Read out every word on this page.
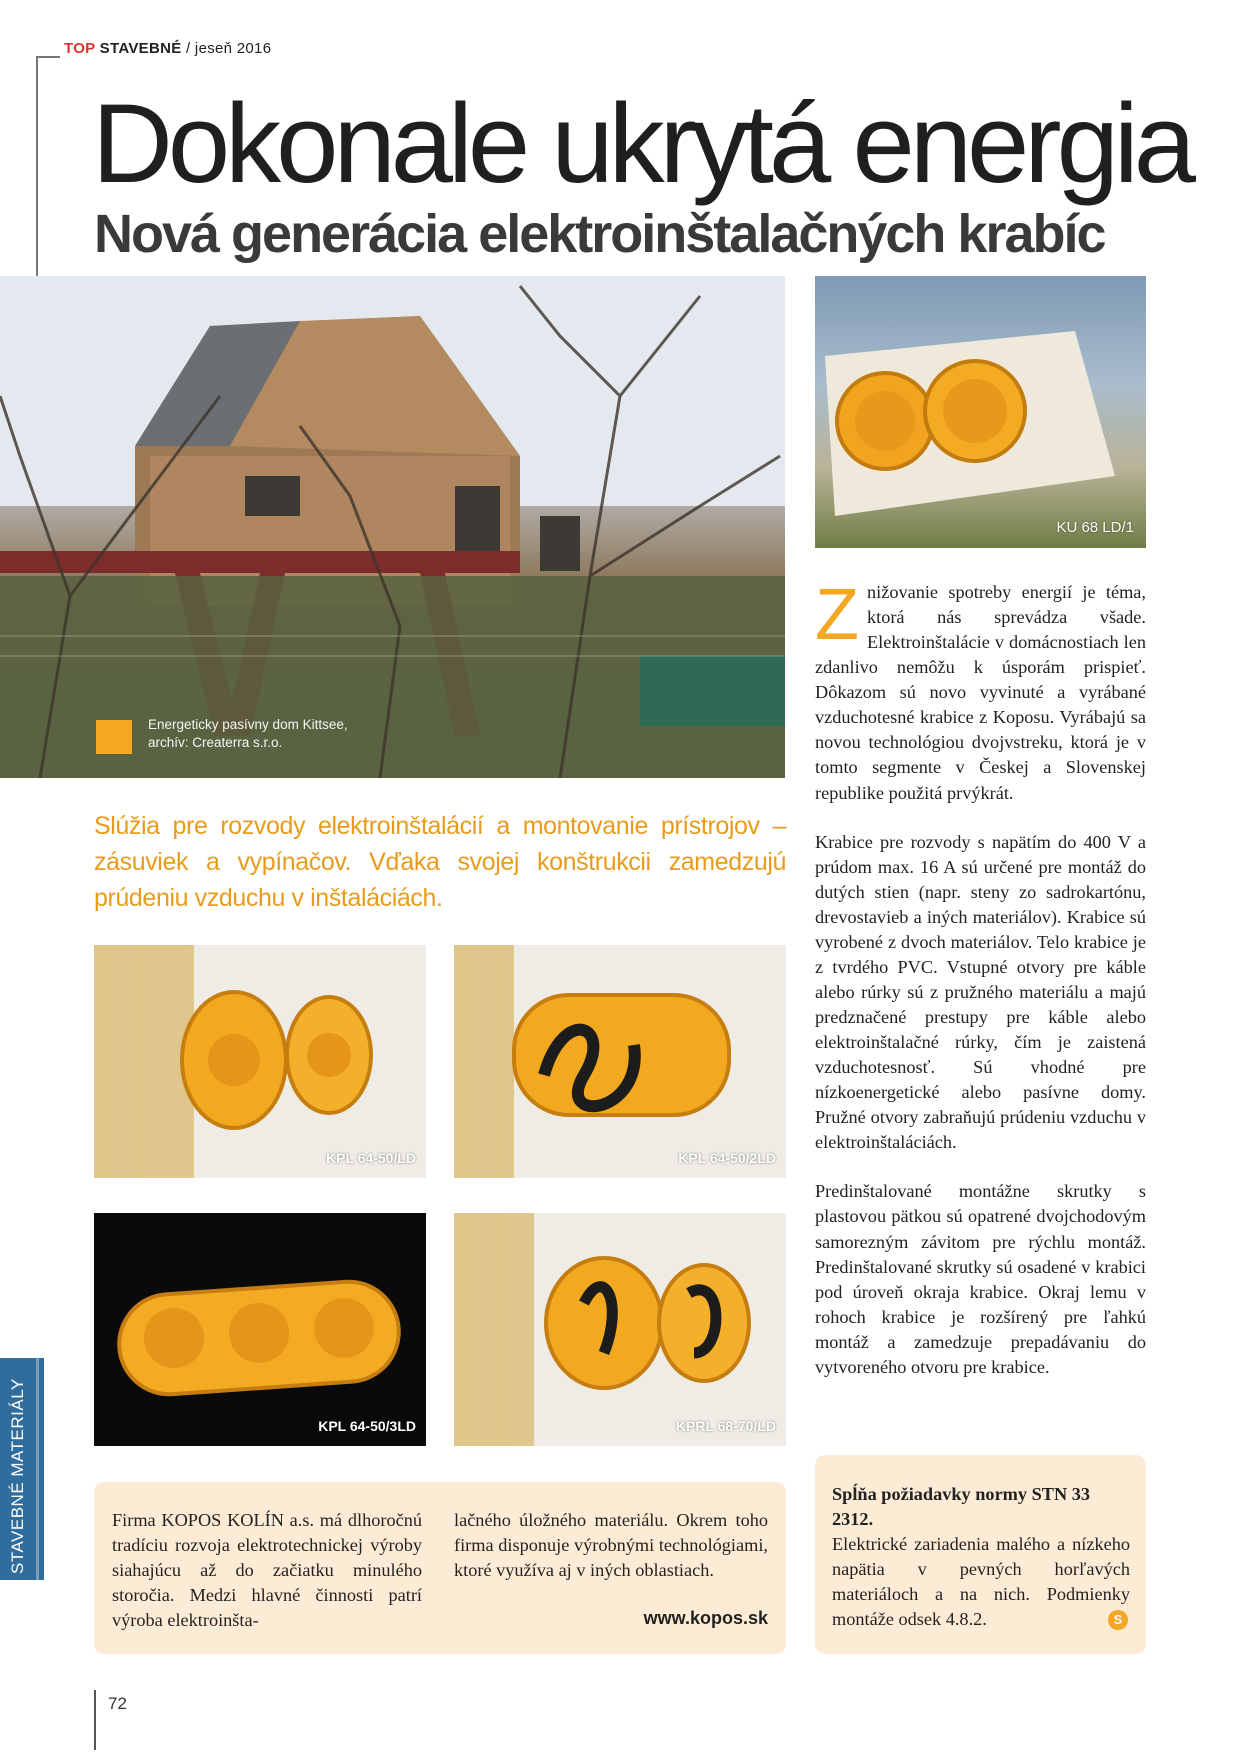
TOP STAVEBNÉ / jeseň 2016
Dokonale ukrytá energia
Nová generácia elektroinštalačných krabíc
Energeticky pasívny dom Kittsee,
archív: Createrra s.r.o.
KU 68 LD/1
Slúžia pre rozvody elektroinštalácií a montovanie prístrojov – zásuviek a vypínačov. Vďaka svojej konštrukcii zamedzujú prúdeniu vzduchu v inštaláciách.
KPL 64-50/LD	KPL 64-50/2LD
KPL 64-50/3LD	KPRL 68-70/LD

Znižovanie spotreby energií je téma, ktorá nás sprevádza všade. Elektroinštalácie v domácnostiach len zdanlivo nemôžu k úsporám prispieť. Dôkazom sú novo vyvinuté a vyrábané vzduchotesné krabice z Koposu. Vyrábajú sa novou technológiou dvojvstreku, ktorá je v tomto segmente v Českej a Slovenskej republike použitá prvýkrát.

Krabice pre rozvody s napätím do 400 V a prúdom max. 16 A sú určené pre montáž do dutých stien (napr. steny zo sadrokartónu, drevostavieb a iných materiálov). Krabice sú vyrobené z dvoch materiálov. Telo krabice je z tvrdého PVC. Vstupné otvory pre káble alebo rúrky sú z pružného materiálu a majú predznačené prestupy pre káble alebo elektroinštalačné rúrky, čím je zaistená vzduchotesnosť. Sú vhodné pre nízkoenergetické alebo pasívne domy. Pružné otvory zabraňujú prúdeniu vzduchu v elektroinštaláciách.

Predinštalované montážne skrutky s plastovou pätkou sú opatrené dvojchodovým samorezným závitom pre rýchlu montáž. Predinštalované skrutky sú osadené v krabici pod úroveň okraja krabice. Okraj lemu v rohoch krabice je rozšírený pre ľahkú montáž a zamedzuje prepadávaniu do vytvoreného otvoru pre krabice.

Firma KOPOS KOLÍN a.s. má dlhoročnú tradíciu rozvoja elektrotechnickej výroby siahajúcu až do začiatku minulého storočia. Medzi hlavné činnosti patrí výroba elektroinšta-
lačného úložného materiálu. Okrem toho firma disponuje výrobnými technológiami, ktoré využíva aj v iných oblastiach.
www.kopos.sk
Spĺňa požiadavky normy STN 33 2312.
Elektrické zariadenia malého a nízkeho napätia v pevných horľavých materiáloch a na nich. Podmienky montáže odsek 4.8.2.	S
STAVEBNÉ MATERIÁLY
72
